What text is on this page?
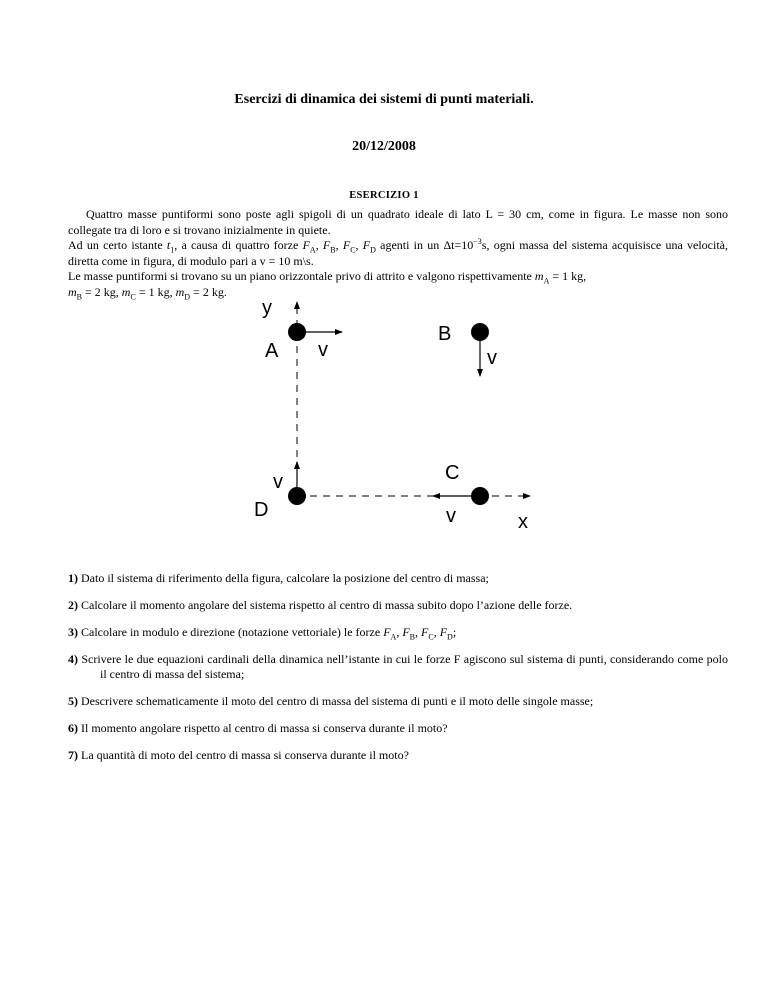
Esercizi di dinamica dei sistemi di punti materiali.
20/12/2008
ESERCIZIO 1

Quattro masse puntiformi sono poste agli spigoli di un quadrato ideale di lato L = 30 cm, come in figura. Le masse non sono collegate tra di loro e si trovano inizialmente in quiete.

Ad un certo istante $t_1$, a causa di quattro forze $F_A$, $F_B$, $F_C$, $F_D$ agenti in un $\Delta t=10^{-3}s$, ogni massa del sistema acquisisce una velocità, diretta come in figura, di modulo pari a v = 10 m\s.

Le masse puntiformi si trovano su un piano orizzontale privo di attrito e valgono rispettivamente $m_A = 1$ kg,
$m_B = 2$ kg, $m_C = 1$ kg, $m_D = 2$ kg.

y
x
A
B
C
D
v	v
v
v
1) Dato il sistema di riferimento della figura, calcolare la posizione del centro di massa;
2) Calcolare il momento angolare del sistema rispetto al centro di massa subito dopo l’azione delle forze.
3) Calcolare in modulo e direzione (notazione vettoriale) le forze $F_A$, $F_B$, $F_C$, $F_D$;
4) Scrivere le due equazioni cardinali della dinamica nell’istante in cui le forze F agiscono sul sistema di punti, considerando come polo il centro di massa del sistema;
5) Descrivere schematicamente il moto del centro di massa del sistema di punti e il moto delle singole masse;
6) Il momento angolare rispetto al centro di massa si conserva durante il moto?
7) La quantità di moto del centro di massa si conserva durante il moto?
